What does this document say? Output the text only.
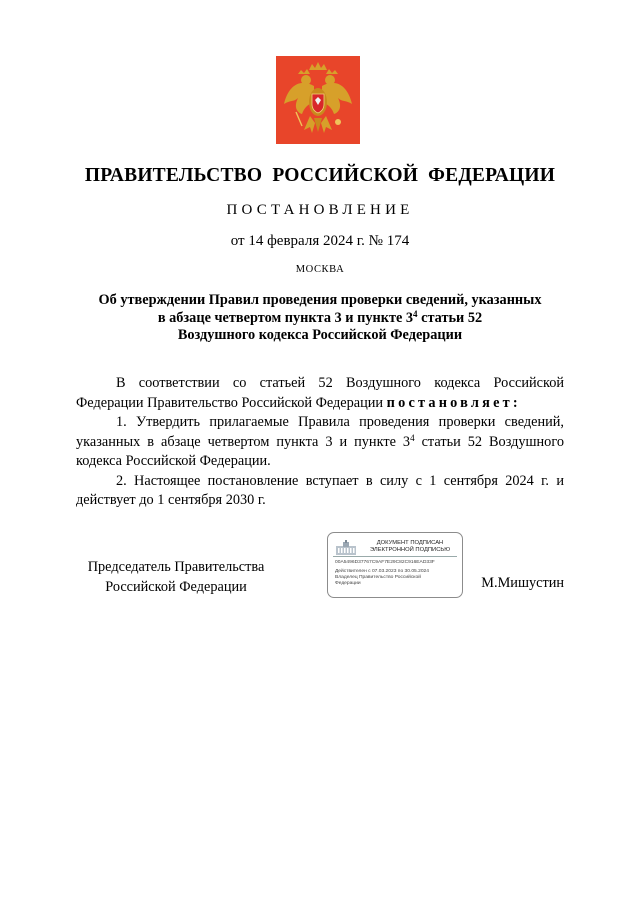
ПРАВИТЕЛЬСТВО РОССИЙСКОЙ ФЕДЕРАЦИИ
ПОСТАНОВЛЕНИЕ
от 14 февраля 2024 г. № 174
МОСКВА
Об утверждении Правил проведения проверки сведений, указанных
в абзаце четвертом пункта 3 и пункте $3^4$ статьи 52
Воздушного кодекса Российской Федерации

В соответствии со статьей 52 Воздушного кодекса Российской Федерации Правительство Российской Федерации постановляет:

1. Утвердить прилагаемые Правила проведения проверки сведений, указанных в абзаце четвертом пункта 3 и пункте $3^4$ статьи 52 Воздушного кодекса Российской Федерации.

2. Настоящее постановление вступает в силу с 1 сентября 2024 г. и действует до 1 сентября 2030 г.

Председатель Правительства
Российской Федерации
ДОКУМЕНТ ПОДПИСАН
ЭЛЕКТРОННОЙ ПОДПИСЬЮ
00A5496D37767C9AF7E29C82C916EAD33F
Действителен с 07.03.2023 по 30.05.2024
Владелец Правительство Российской
Федерации	М.Мишустин
